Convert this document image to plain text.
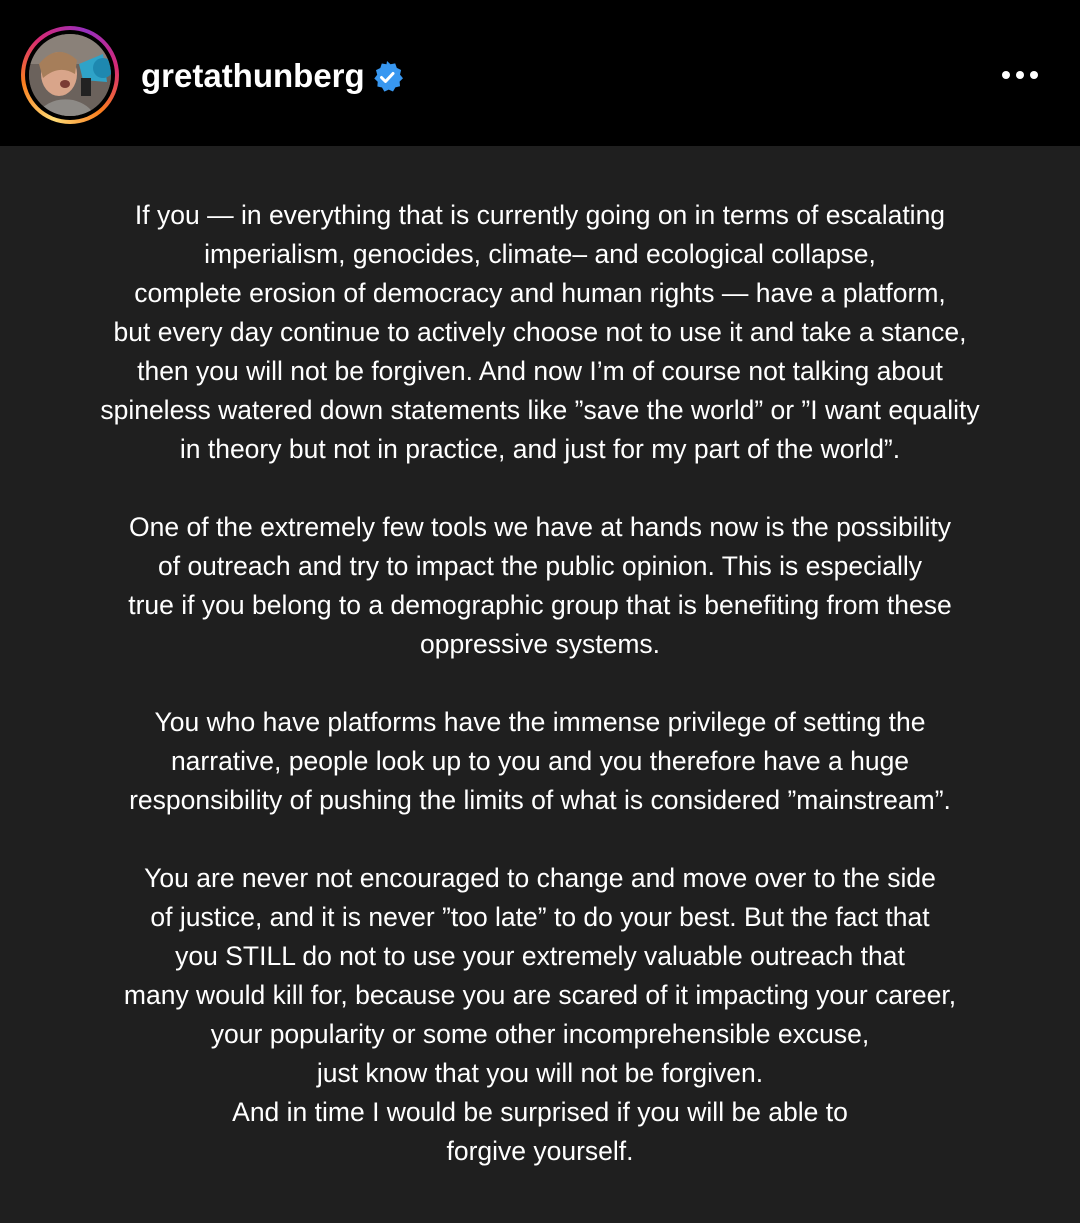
gretathunberg
If you — in everything that is currently going on in terms of escalating
imperialism, genocides, climate– and ecological collapse,
complete erosion of democracy and human rights — have a platform,
but every day continue to actively choose not to use it and take a stance,
then you will not be forgiven. And now I’m of course not talking about
spineless watered down statements like ”save the world” or ”I want equality
in theory but not in practice, and just for my part of the world”.
One of the extremely few tools we have at hands now is the possibility
of outreach and try to impact the public opinion. This is especially
true if you belong to a demographic group that is benefiting from these
oppressive systems.
You who have platforms have the immense privilege of setting the
narrative, people look up to you and you therefore have a huge
responsibility of pushing the limits of what is considered ”mainstream”.
You are never not encouraged to change and move over to the side
of justice, and it is never ”too late” to do your best. But the fact that
you STILL do not to use your extremely valuable outreach that
many would kill for, because you are scared of it impacting your career,
your popularity or some other incomprehensible excuse,
just know that you will not be forgiven.
And in time I would be surprised if you will be able to
forgive yourself.
